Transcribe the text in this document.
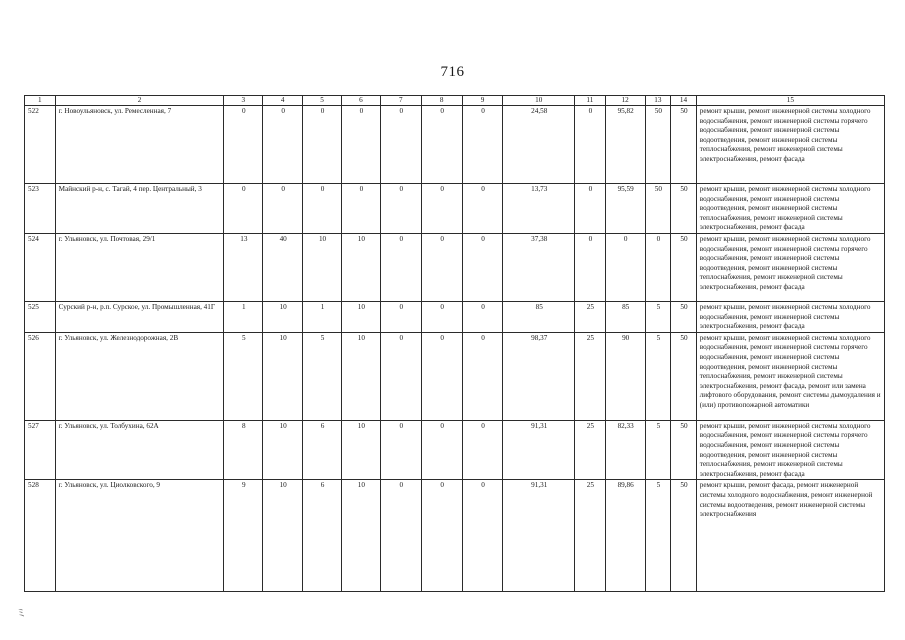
716
1	2	3	4	5	6	7	8	9	10	11	12	13	14	15
522	г. Новоульяновск, ул. Ремесленная, 7	0	0	0	0	0	0	0	24,58	0	95,82	50	50	ремонт крыши, ремонт инженерной системы холодного водоснабжения, ремонт инженерной системы горячего водоснабжения, ремонт инженерной системы водоотведения, ремонт инженерной системы теплоснабжения, ремонт инженерной системы электроснабжения, ремонт фасада
523	Майнский р-н, с. Тагай, 4 пер. Центральный, 3	0	0	0	0	0	0	0	13,73	0	95,59	50	50	ремонт крыши, ремонт инженерной системы холодного водоснабжения, ремонт инженерной системы водоотведения, ремонт инженерной системы теплоснабжения, ремонт инженерной системы электроснабжения, ремонт фасада
524	г. Ульяновск, ул. Почтовая, 29/1	13	40	10	10	0	0	0	37,38	0	0	0	50	ремонт крыши, ремонт инженерной системы холодного водоснабжения, ремонт инженерной системы горячего водоснабжения, ремонт инженерной системы водоотведения, ремонт инженерной системы теплоснабжения, ремонт инженерной системы электроснабжения, ремонт фасада
525	Сурский р-н, р.п. Сурское, ул. Промышленная, 41Г	1	10	1	10	0	0	0	85	25	85	5	50	ремонт крыши, ремонт инженерной системы холодного водоснабжения, ремонт инженерной системы электроснабжения, ремонт фасада
526	г. Ульяновск, ул. Железнодорожная, 2В	5	10	5	10	0	0	0	98,37	25	90	5	50	ремонт крыши, ремонт инженерной системы холодного водоснабжения, ремонт инженерной системы горячего водоснабжения, ремонт инженерной системы водоотведения, ремонт инженерной системы теплоснабжения, ремонт инженерной системы электроснабжения, ремонт фасада, ремонт или замена лифтового оборудования, ремонт системы дымоудаления и (или) противопожарной автоматики
527	г. Ульяновск, ул. Толбухина, 62А	8	10	6	10	0	0	0	91,31	25	82,33	5	50	ремонт крыши, ремонт инженерной системы холодного водоснабжения, ремонт инженерной системы горячего водоснабжения, ремонт инженерной системы водоотведения, ремонт инженерной системы теплоснабжения, ремонт инженерной системы электроснабжения, ремонт фасада
528	г. Ульяновск, ул. Циолковского, 9	9	10	6	10	0	0	0	91,31	25	89,86	5	50	ремонт крыши, ремонт фасада, ремонт инженерной системы холодного водоснабжения, ремонт инженерной системы водоотведения, ремонт инженерной системы электроснабжения
ﾐ
